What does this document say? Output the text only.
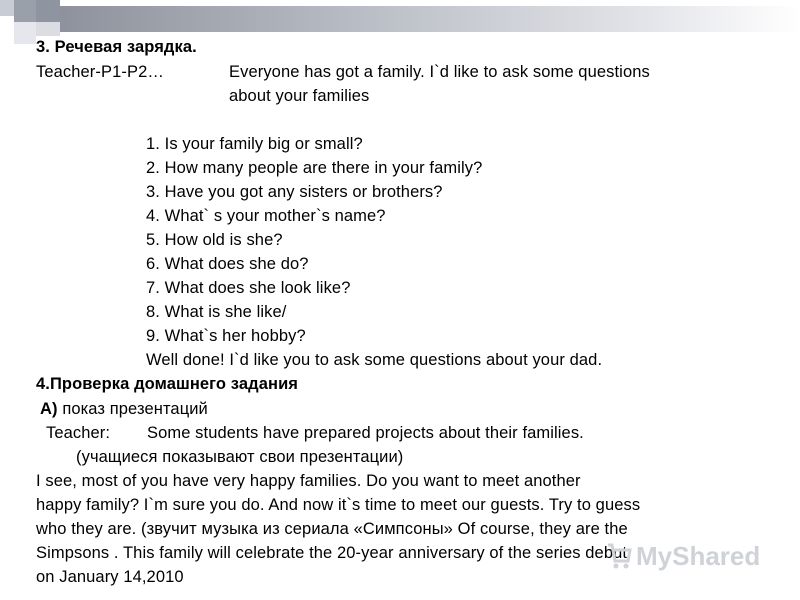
3. Речевая зарядка.
Teacher-P1-P2…	Everyone has got a family. I`d like to ask some questions
about your families
1. Is your family big or small?
2. How many people are there in your family?
3. Have you got any sisters or brothers?
4. What` s your mother`s name?
5. How old is she?
6. What does she do?
7. What does she look like?
8. What is she like/
9. What`s her hobby?
Well done! I`d like you to ask some questions about your dad.
4.Проверка домашнего задания
A) показ презентаций
Teacher: Some students have prepared projects about their families.
(учащиеся показывают свои презентации)
I see, most of you have very happy families. Do you want to meet another
happy family? I`m sure you do. And now it`s time to meet our guests. Try to guess
who they are. (звучит музыка из сериала «Симпсоны» Of course, they are the
Simpsons . This family will celebrate the 20-year anniversary of the series debut
on January 14,2010
MyShared
